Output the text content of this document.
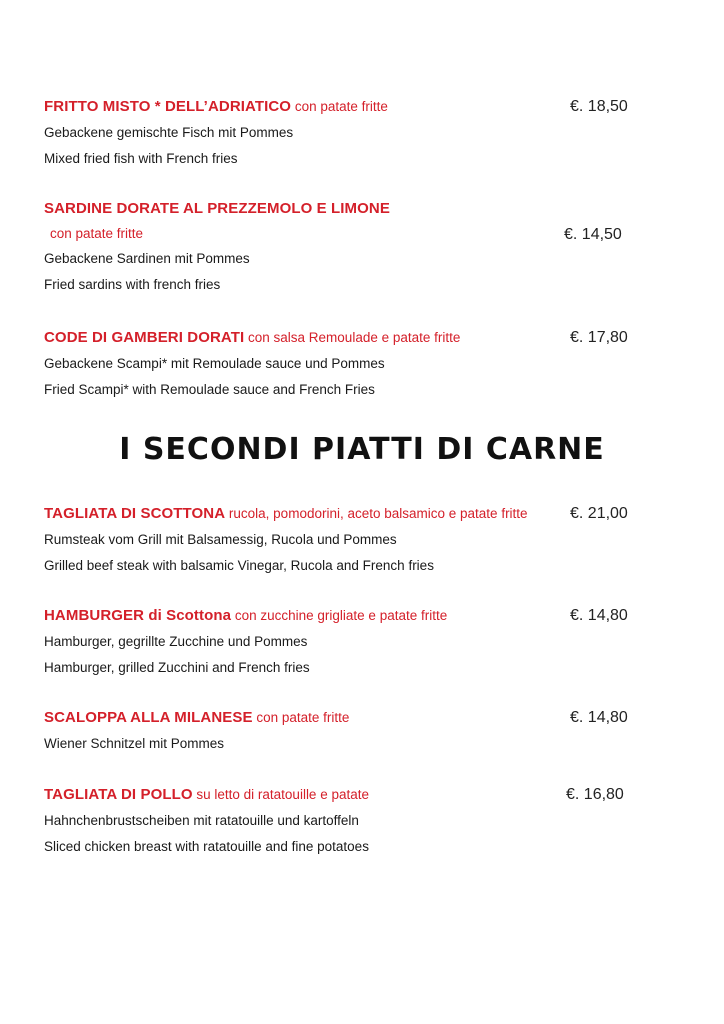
FRITTO MISTO * DELL’ADRIATICO con patate fritte	€. 18,50
Gebackene gemischte Fisch mit Pommes
Mixed fried fish with French fries
SARDINE DORATE AL PREZZEMOLO E LIMONE
con patate fritte	€. 14,50
Gebackene Sardinen mit Pommes
Fried sardins with french fries
CODE DI GAMBERI DORATI con salsa Remoulade e patate fritte	€. 17,80
Gebackene Scampi* mit Remoulade sauce und Pommes
Fried Scampi* with Remoulade sauce and French Fries
I SECONDI PIATTI DI CARNE
TAGLIATA DI SCOTTONA rucola, pomodorini, aceto balsamico e patate fritte	€. 21,00
Rumsteak vom Grill mit Balsamessig, Rucola und Pommes
Grilled beef steak with balsamic Vinegar, Rucola and French fries
HAMBURGER di Scottona con zucchine grigliate e patate fritte	€. 14,80
Hamburger, gegrillte Zucchine und Pommes
Hamburger, grilled Zucchini and French fries
SCALOPPA ALLA MILANESE con patate fritte	€. 14,80
Wiener Schnitzel mit Pommes
TAGLIATA DI POLLO su letto di ratatouille e patate	€. 16,80
Hahnchenbrustscheiben mit ratatouille und kartoffeln
Sliced chicken breast with ratatouille and fine potatoes
